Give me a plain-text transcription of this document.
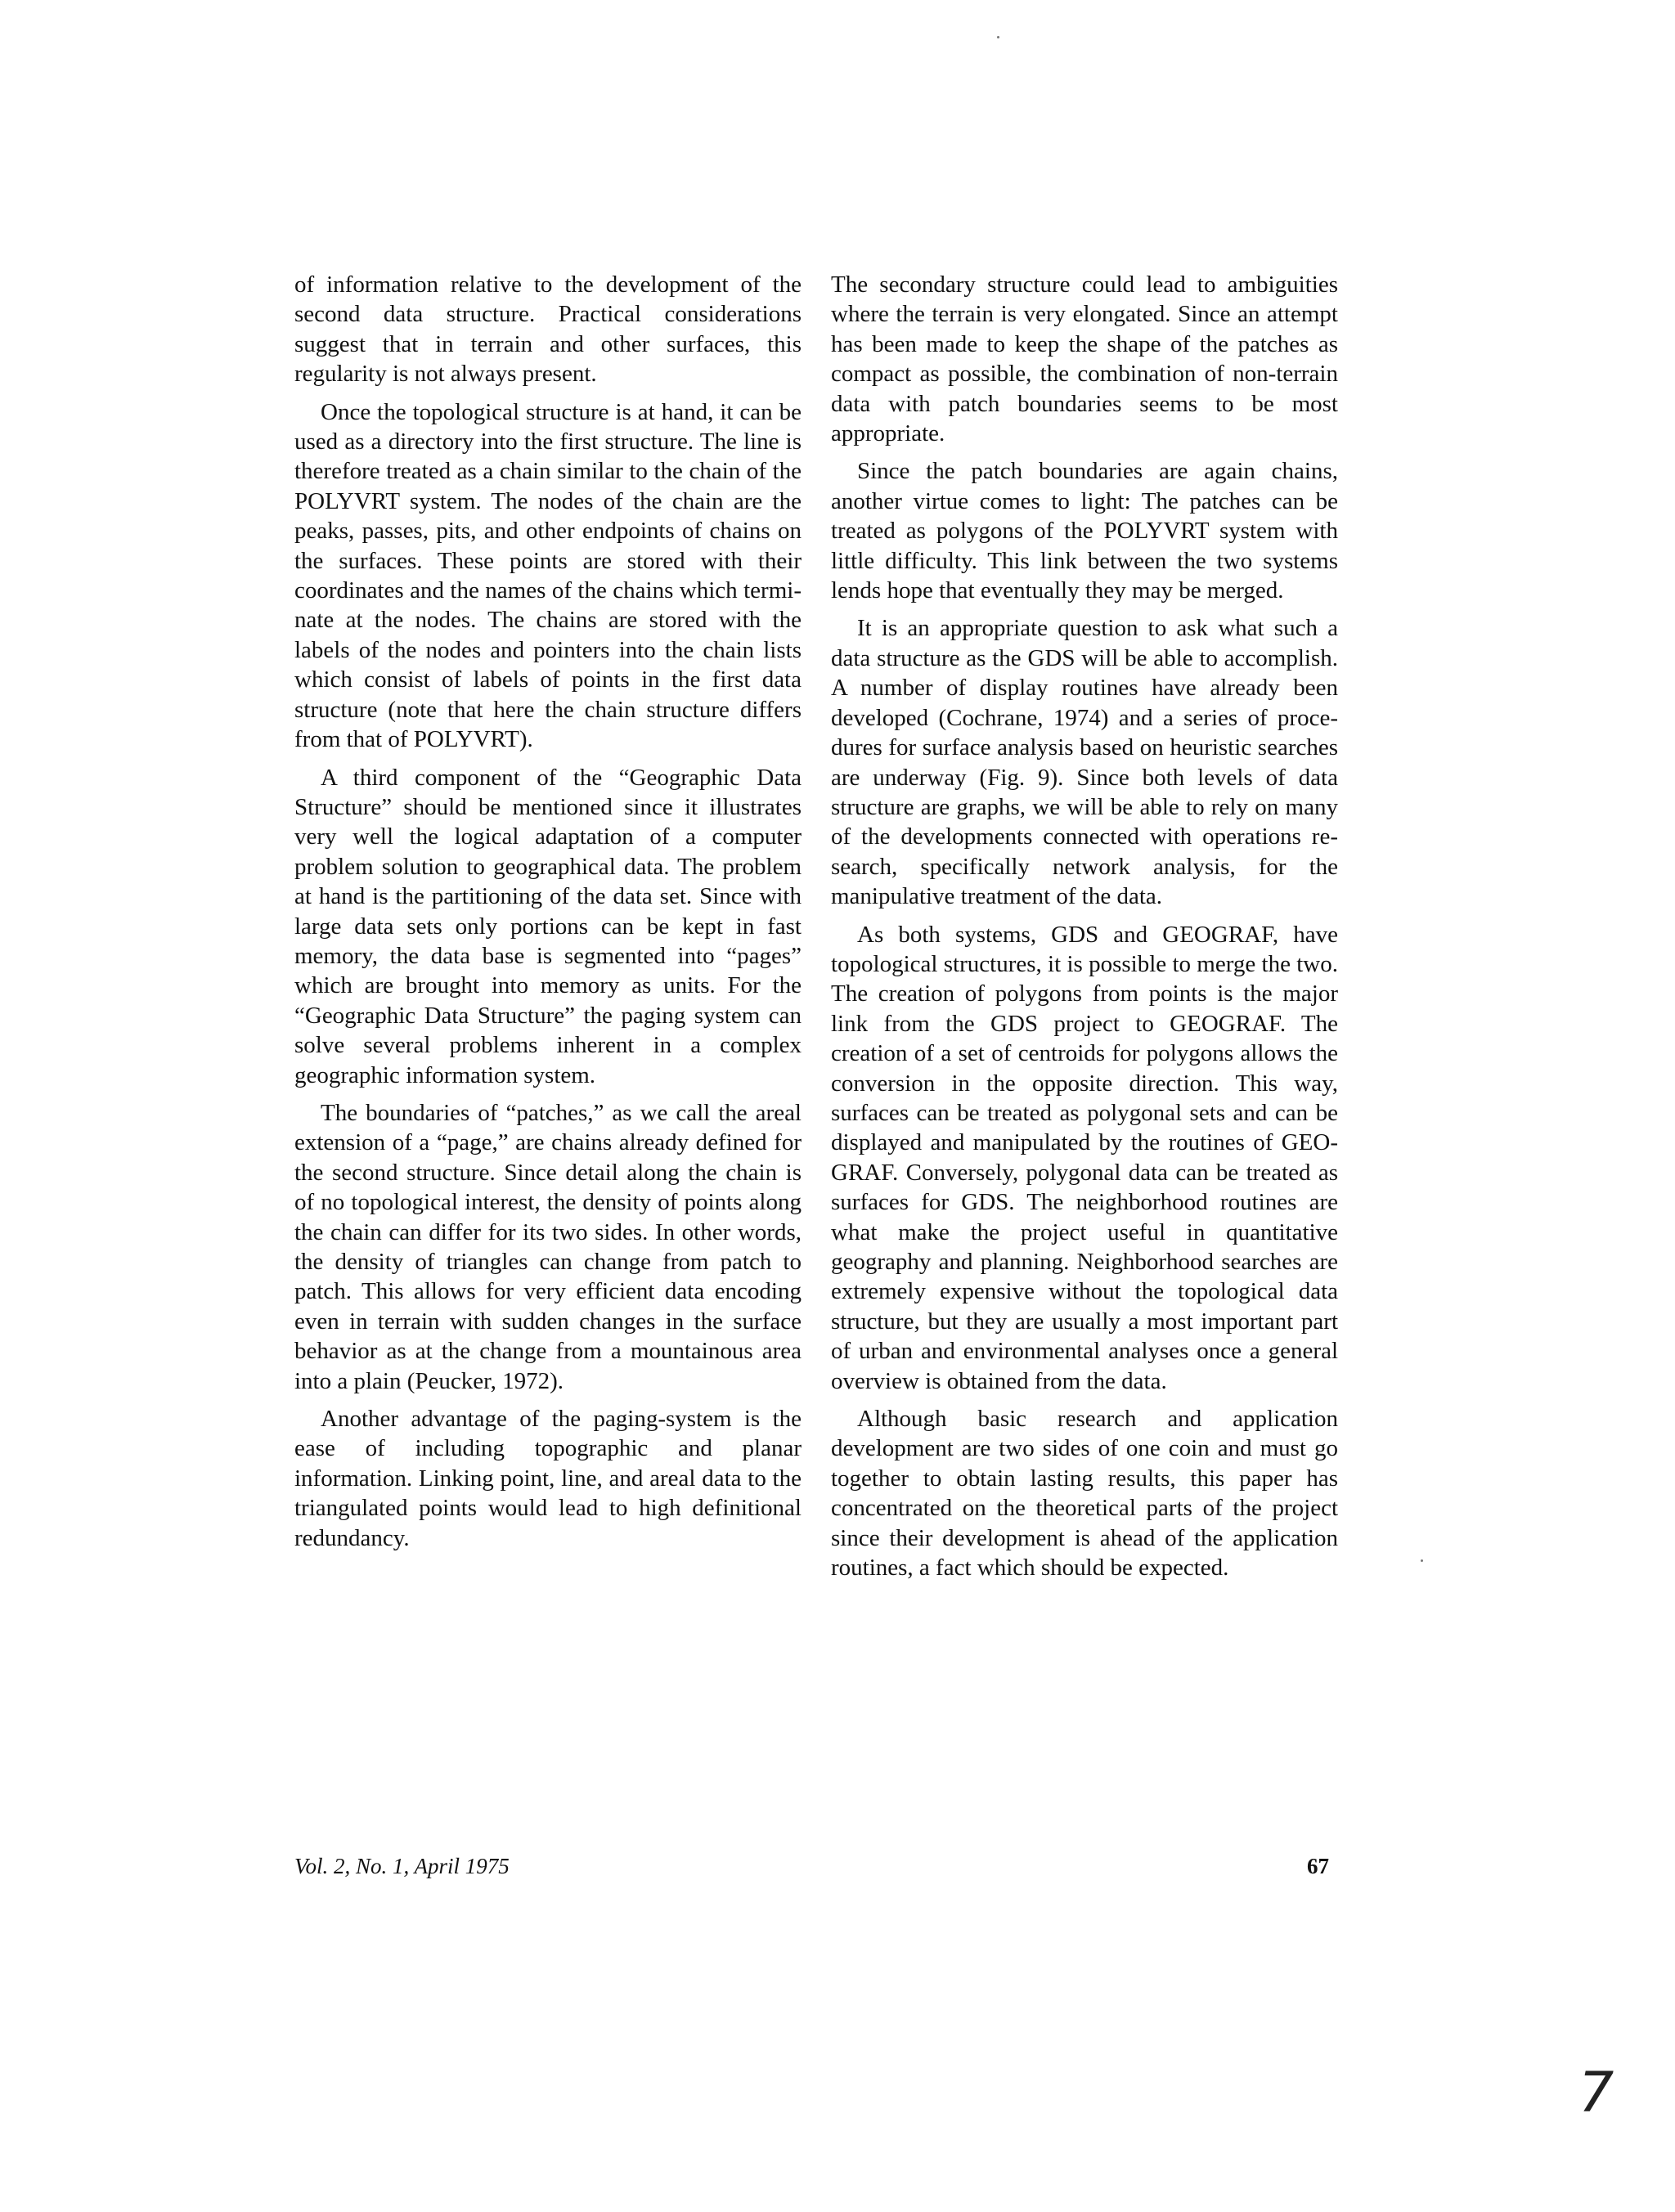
of information relative to the development of the second data structure. Practical considerations suggest that in terrain and other surfaces, this regularity is not always present.

Once the topological structure is at hand, it can be used as a directory into the first structure. The line is therefore treated as a chain similar to the chain of the POLYVRT system. The nodes of the chain are the peaks, passes, pits, and other endpoints of chains on the surfaces. These points are stored with their coordinates and the names of the chains which terminate at the nodes. The chains are stored with the labels of the nodes and pointers into the chain lists which consist of labels of points in the first data structure (note that here the chain structure differs from that of POLYVRT).

A third component of the “Geographic Data Structure” should be mentioned since it illustrates very well the logical adaptation of a computer problem solution to geographical data. The problem at hand is the partitioning of the data set. Since with large data sets only portions can be kept in fast memory, the data base is segmented into “pages” which are brought into memory as units. For the “Geographic Data Structure” the paging system can solve several problems inherent in a complex geographic information system.

The boundaries of “patches,” as we call the areal extension of a “page,” are chains already defined for the second structure. Since detail along the chain is of no topological interest, the density of points along the chain can differ for its two sides. In other words, the density of triangles can change from patch to patch. This allows for very efficient data encoding even in terrain with sudden changes in the surface behavior as at the change from a mountainous area into a plain (Peucker, 1972).

Another advantage of the paging-system is the ease of including topographic and planar information. Linking point, line, and areal data to the triangulated points would lead to high definitional redundancy.

The secondary structure could lead to ambiguities where the terrain is very elongated. Since an attempt has been made to keep the shape of the patches as compact as possible, the combination of non-terrain data with patch boundaries seems to be most appropriate.

Since the patch boundaries are again chains, another virtue comes to light: The patches can be treated as polygons of the POLYVRT system with little difficulty. This link between the two systems lends hope that eventually they may be merged.

It is an appropriate question to ask what such a data structure as the GDS will be able to accomplish. A number of display routines have already been developed (Cochrane, 1974) and a series of procedures for surface analysis based on heuristic searches are underway (Fig. 9). Since both levels of data structure are graphs, we will be able to rely on many of the developments connected with operations research, specifically network analysis, for the manipulative treatment of the data.

As both systems, GDS and GEOGRAF, have topological structures, it is possible to merge the two. The creation of polygons from points is the major link from the GDS project to GEOGRAF. The creation of a set of centroids for polygons allows the conversion in the opposite direction. This way, surfaces can be treated as polygonal sets and can be displayed and manipulated by the routines of GEOGRAF. Conversely, polygonal data can be treated as surfaces for GDS. The neighborhood routines are what make the project useful in quantitative geography and planning. Neighborhood searches are extremely expensive without the topological data structure, but they are usually a most important part of urban and environmental analyses once a general overview is obtained from the data.

Although basic research and application development are two sides of one coin and must go together to obtain lasting results, this paper has concentrated on the theoretical parts of the project since their development is ahead of the application routines, a fact which should be expected.

Vol. 2, No. 1, April 1975	67
7
